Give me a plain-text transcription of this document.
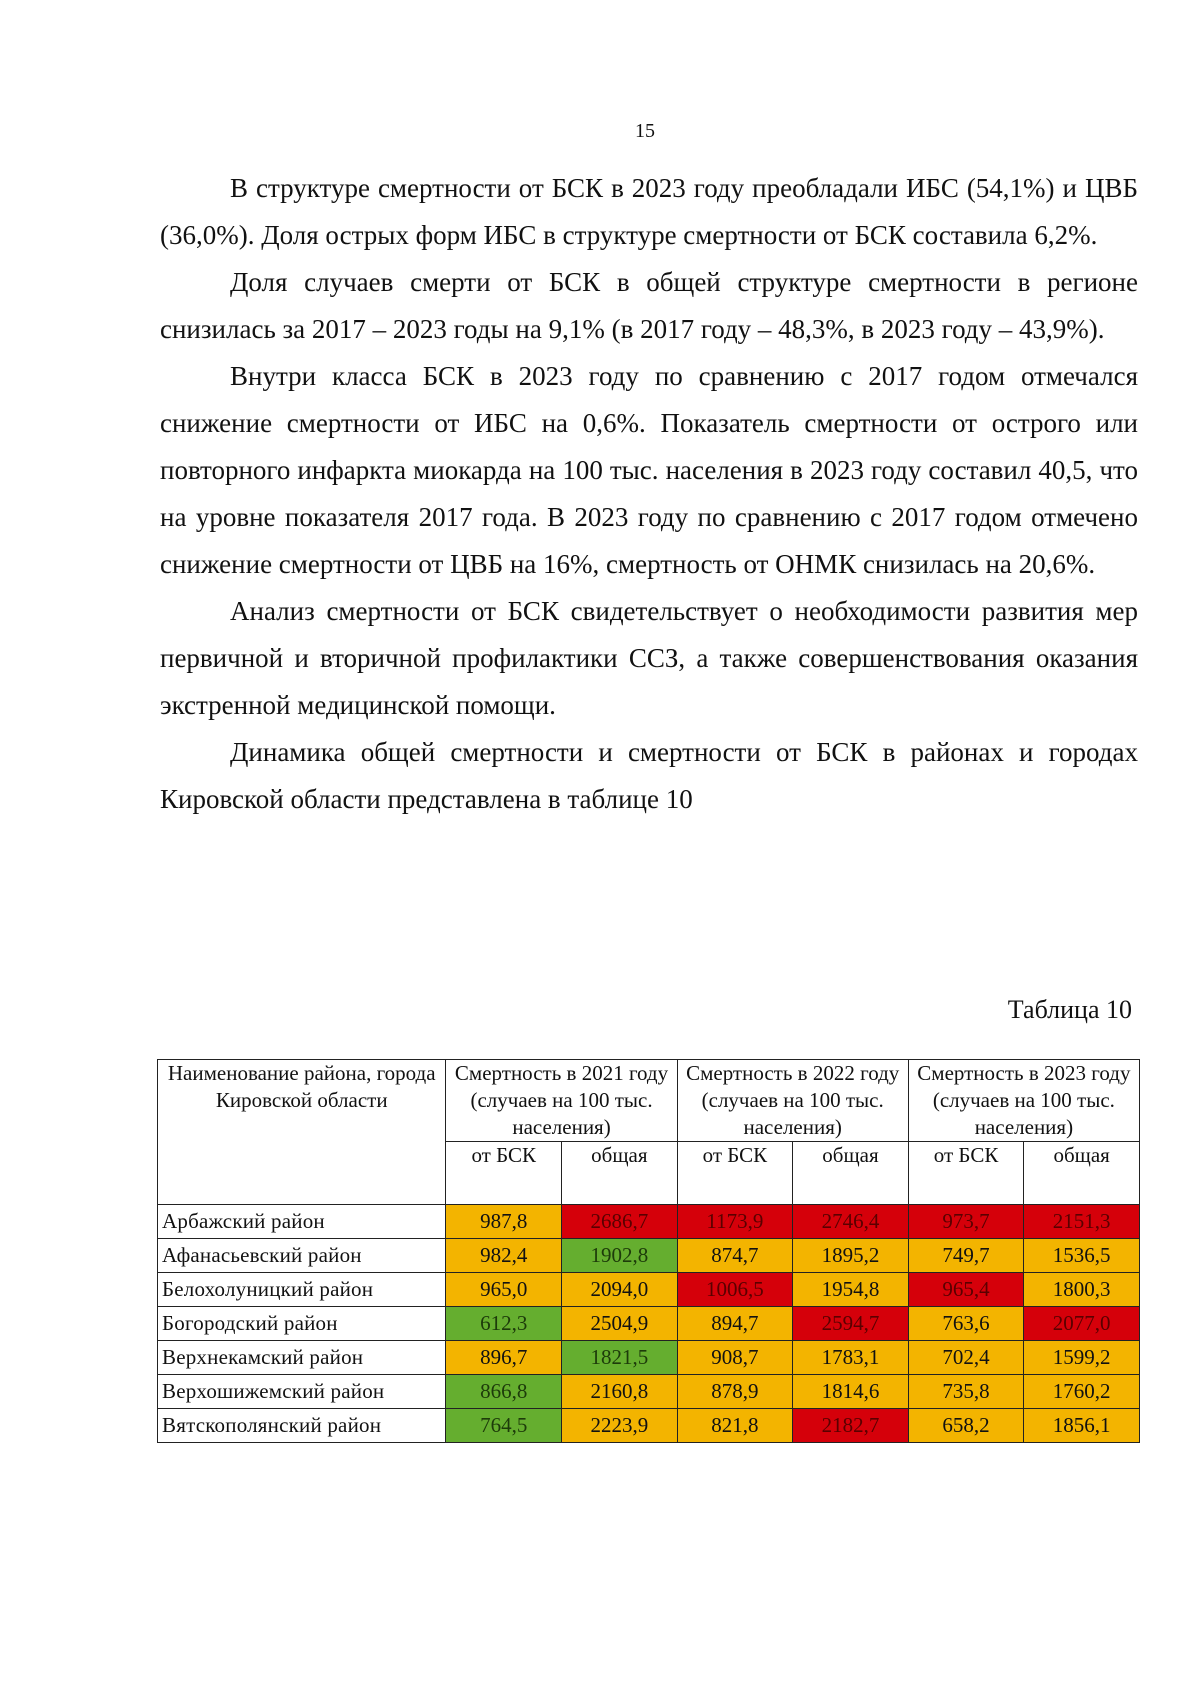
15

В структуре смертности от БСК в 2023 году преобладали ИБС (54,1%) и ЦВБ (36,0%). Доля острых форм ИБС в структуре смертности от БСК составила 6,2%.

Доля случаев смерти от БСК в общей структуре смертности в регионе снизилась за 2017 – 2023 годы на 9,1% (в 2017 году – 48,3%, в 2023 году – 43,9%).

Внутри класса БСК в 2023 году по сравнению с 2017 годом отмечался снижение смертности от ИБС на 0,6%. Показатель смертности от острого или повторного инфаркта миокарда на 100 тыс. населения в 2023 году составил 40,5, что на уровне показателя 2017 года. В 2023 году по сравнению с 2017 годом отмечено снижение смертности от ЦВБ на 16%, смертность от ОНМК снизилась на 20,6%.

Анализ смертности от БСК свидетельствует о необходимости развития мер первичной и вторичной профилактики ССЗ, а также совершенствования оказания экстренной медицинской помощи.

Динамика общей смертности и смертности от БСК в районах и городах Кировской области представлена в таблице 10

Таблица 10
Наименование района, города Кировской области	Смертность в 2021 году (случаев на 100 тыс. населения)		Смертность в 2022 году (случаев на 100 тыс. населения)		Смертность в 2023 году (случаев на 100 тыс. населения)	
	от БСК	общая	от БСК	общая	от БСК	общая
Арбажский район	987,8	2686,7	1173,9	2746,4	973,7	2151,3
Афанасьевский район	982,4	1902,8	874,7	1895,2	749,7	1536,5
Белохолуницкий район	965,0	2094,0	1006,5	1954,8	965,4	1800,3
Богородский район	612,3	2504,9	894,7	2594,7	763,6	2077,0
Верхнекамский район	896,7	1821,5	908,7	1783,1	702,4	1599,2
Верхошижемский район	866,8	2160,8	878,9	1814,6	735,8	1760,2
Вятскополянский район	764,5	2223,9	821,8	2182,7	658,2	1856,1
